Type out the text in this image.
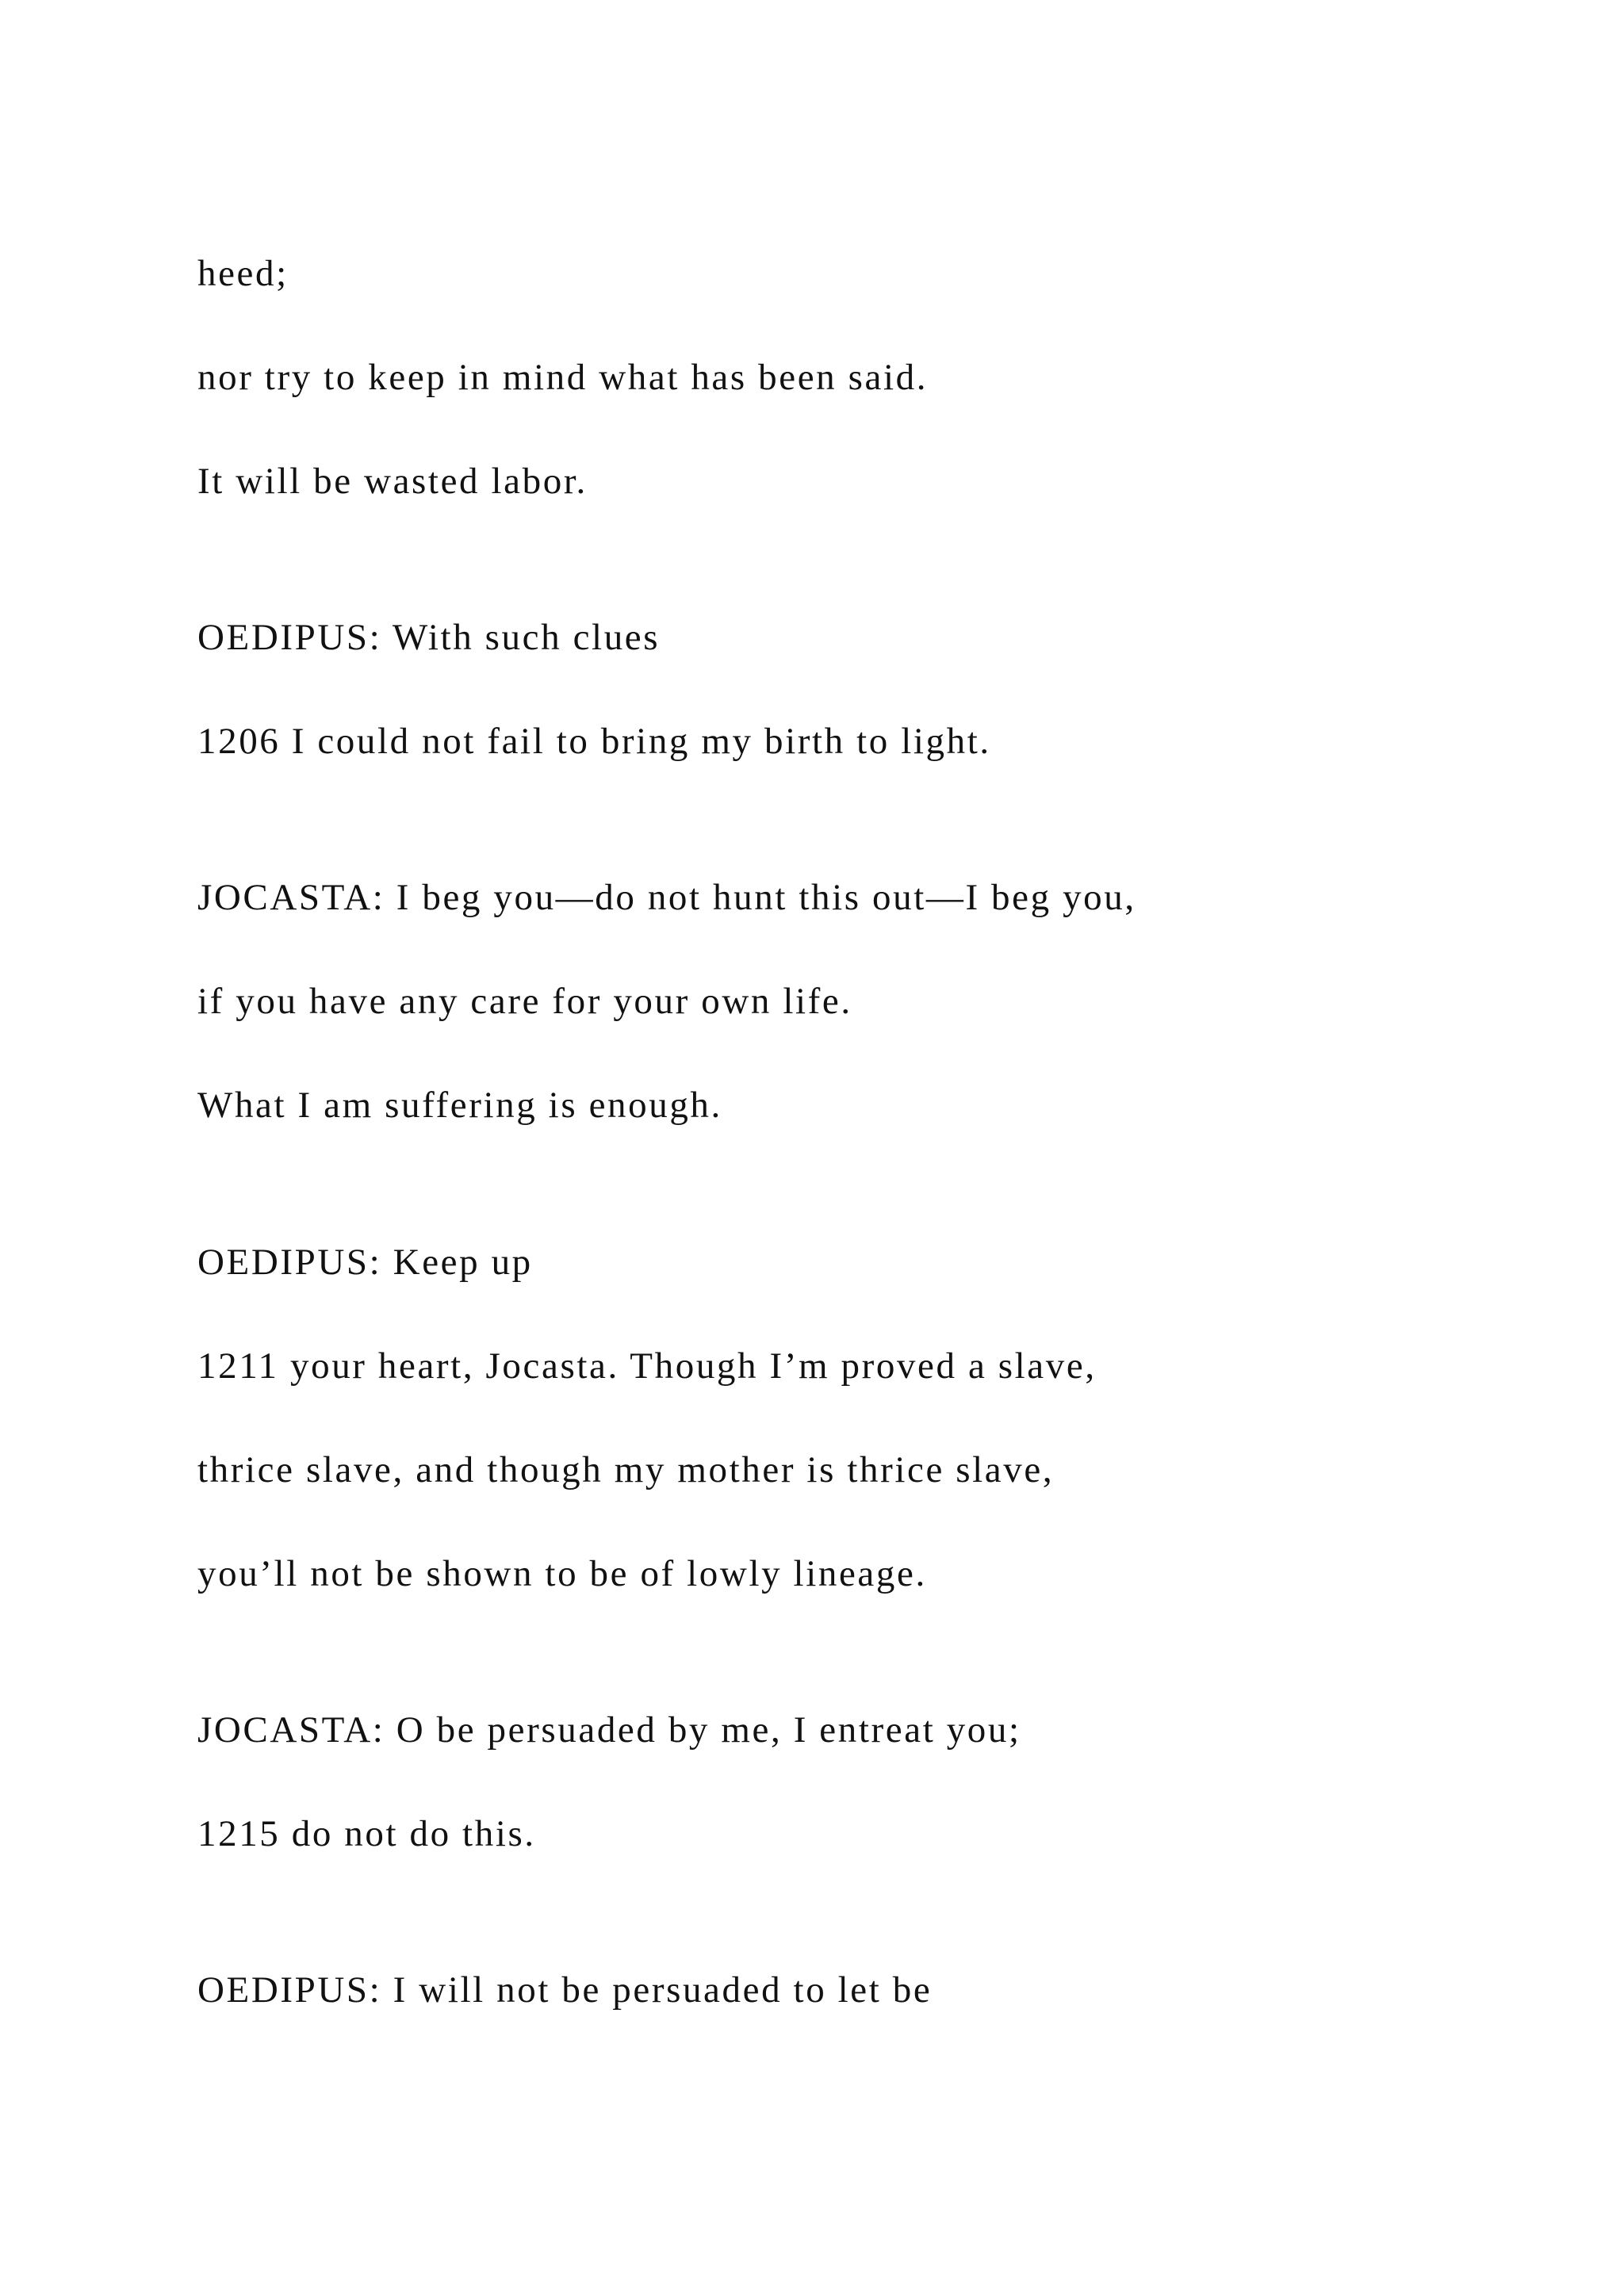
heed;

nor try to keep in mind what has been said.

It will be wasted labor.

OEDIPUS: With such clues

1206 I could not fail to bring my birth to light.

JOCASTA: I beg you—do not hunt this out—I beg you,

if you have any care for your own life.

What I am suffering is enough.

OEDIPUS: Keep up

1211 your heart, Jocasta. Though I’m proved a slave,

thrice slave, and though my mother is thrice slave,

you’ll not be shown to be of lowly lineage.

JOCASTA: O be persuaded by me, I entreat you;

1215 do not do this.

OEDIPUS: I will not be persuaded to let be
